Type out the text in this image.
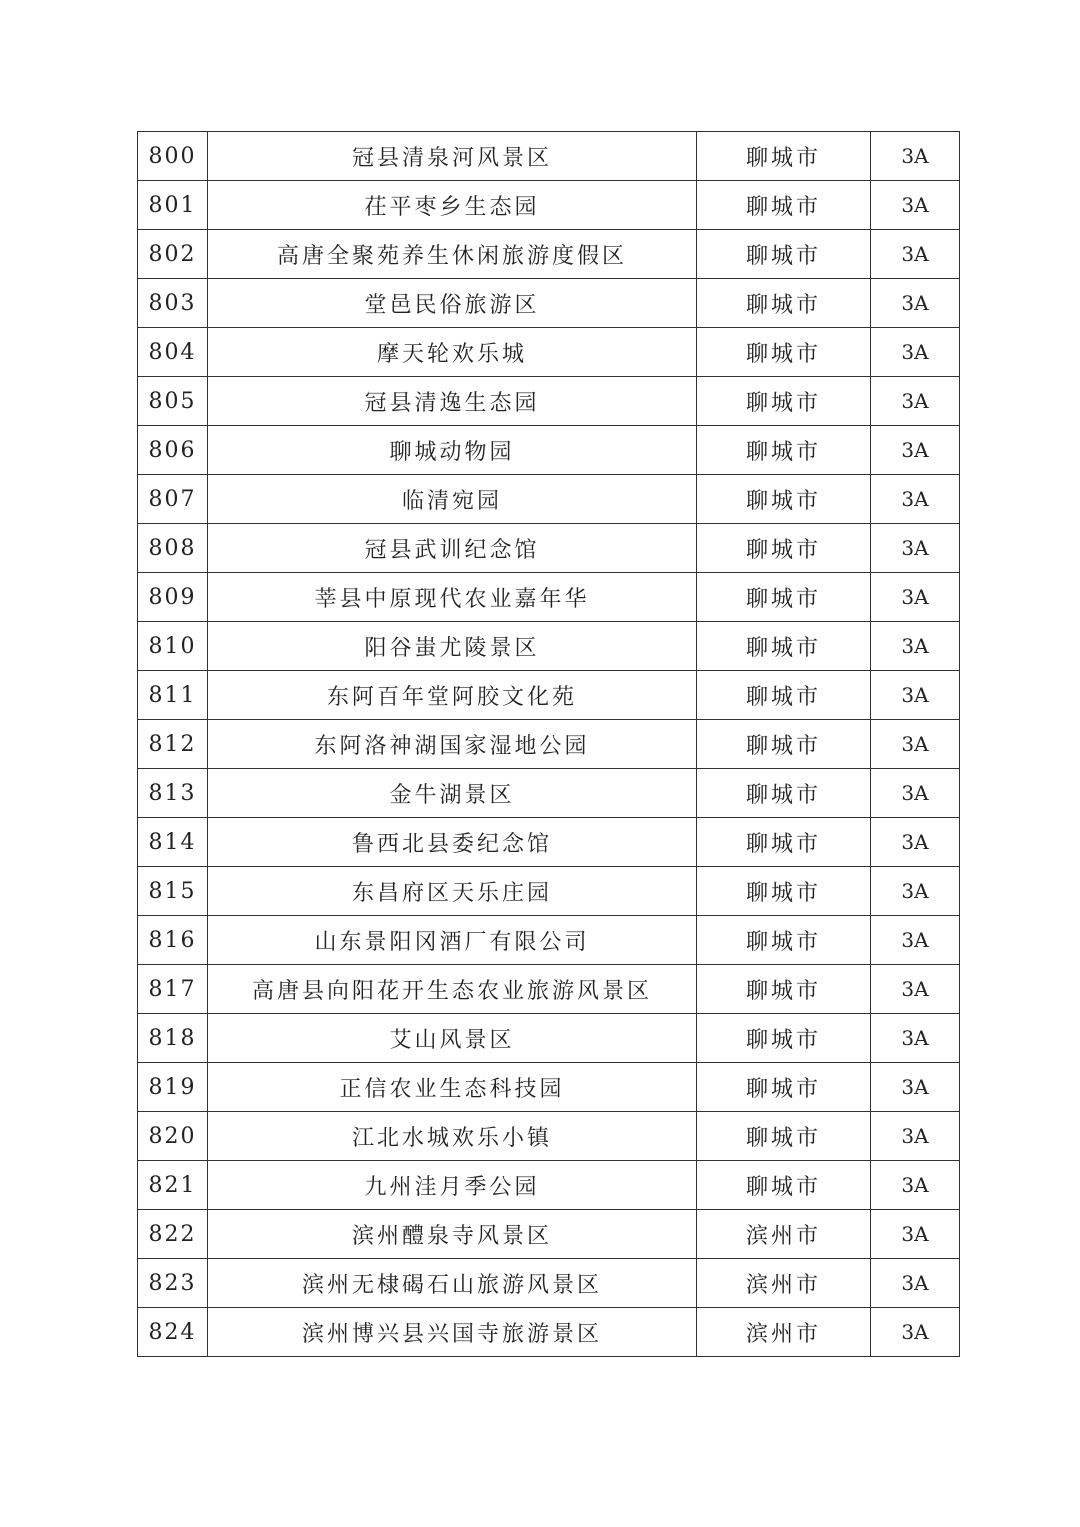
800	冠县清泉河风景区	聊城市	3A
801	茌平枣乡生态园	聊城市	3A
802	高唐全聚苑养生休闲旅游度假区	聊城市	3A
803	堂邑民俗旅游区	聊城市	3A
804	摩天轮欢乐城	聊城市	3A
805	冠县清逸生态园	聊城市	3A
806	聊城动物园	聊城市	3A
807	临清宛园	聊城市	3A
808	冠县武训纪念馆	聊城市	3A
809	莘县中原现代农业嘉年华	聊城市	3A
810	阳谷蚩尤陵景区	聊城市	3A
811	东阿百年堂阿胶文化苑	聊城市	3A
812	东阿洛神湖国家湿地公园	聊城市	3A
813	金牛湖景区	聊城市	3A
814	鲁西北县委纪念馆	聊城市	3A
815	东昌府区天乐庄园	聊城市	3A
816	山东景阳冈酒厂有限公司	聊城市	3A
817	高唐县向阳花开生态农业旅游风景区	聊城市	3A
818	艾山风景区	聊城市	3A
819	正信农业生态科技园	聊城市	3A
820	江北水城欢乐小镇	聊城市	3A
821	九州洼月季公园	聊城市	3A
822	滨州醴泉寺风景区	滨州市	3A
823	滨州无棣碣石山旅游风景区	滨州市	3A
824	滨州博兴县兴国寺旅游景区	滨州市	3A
